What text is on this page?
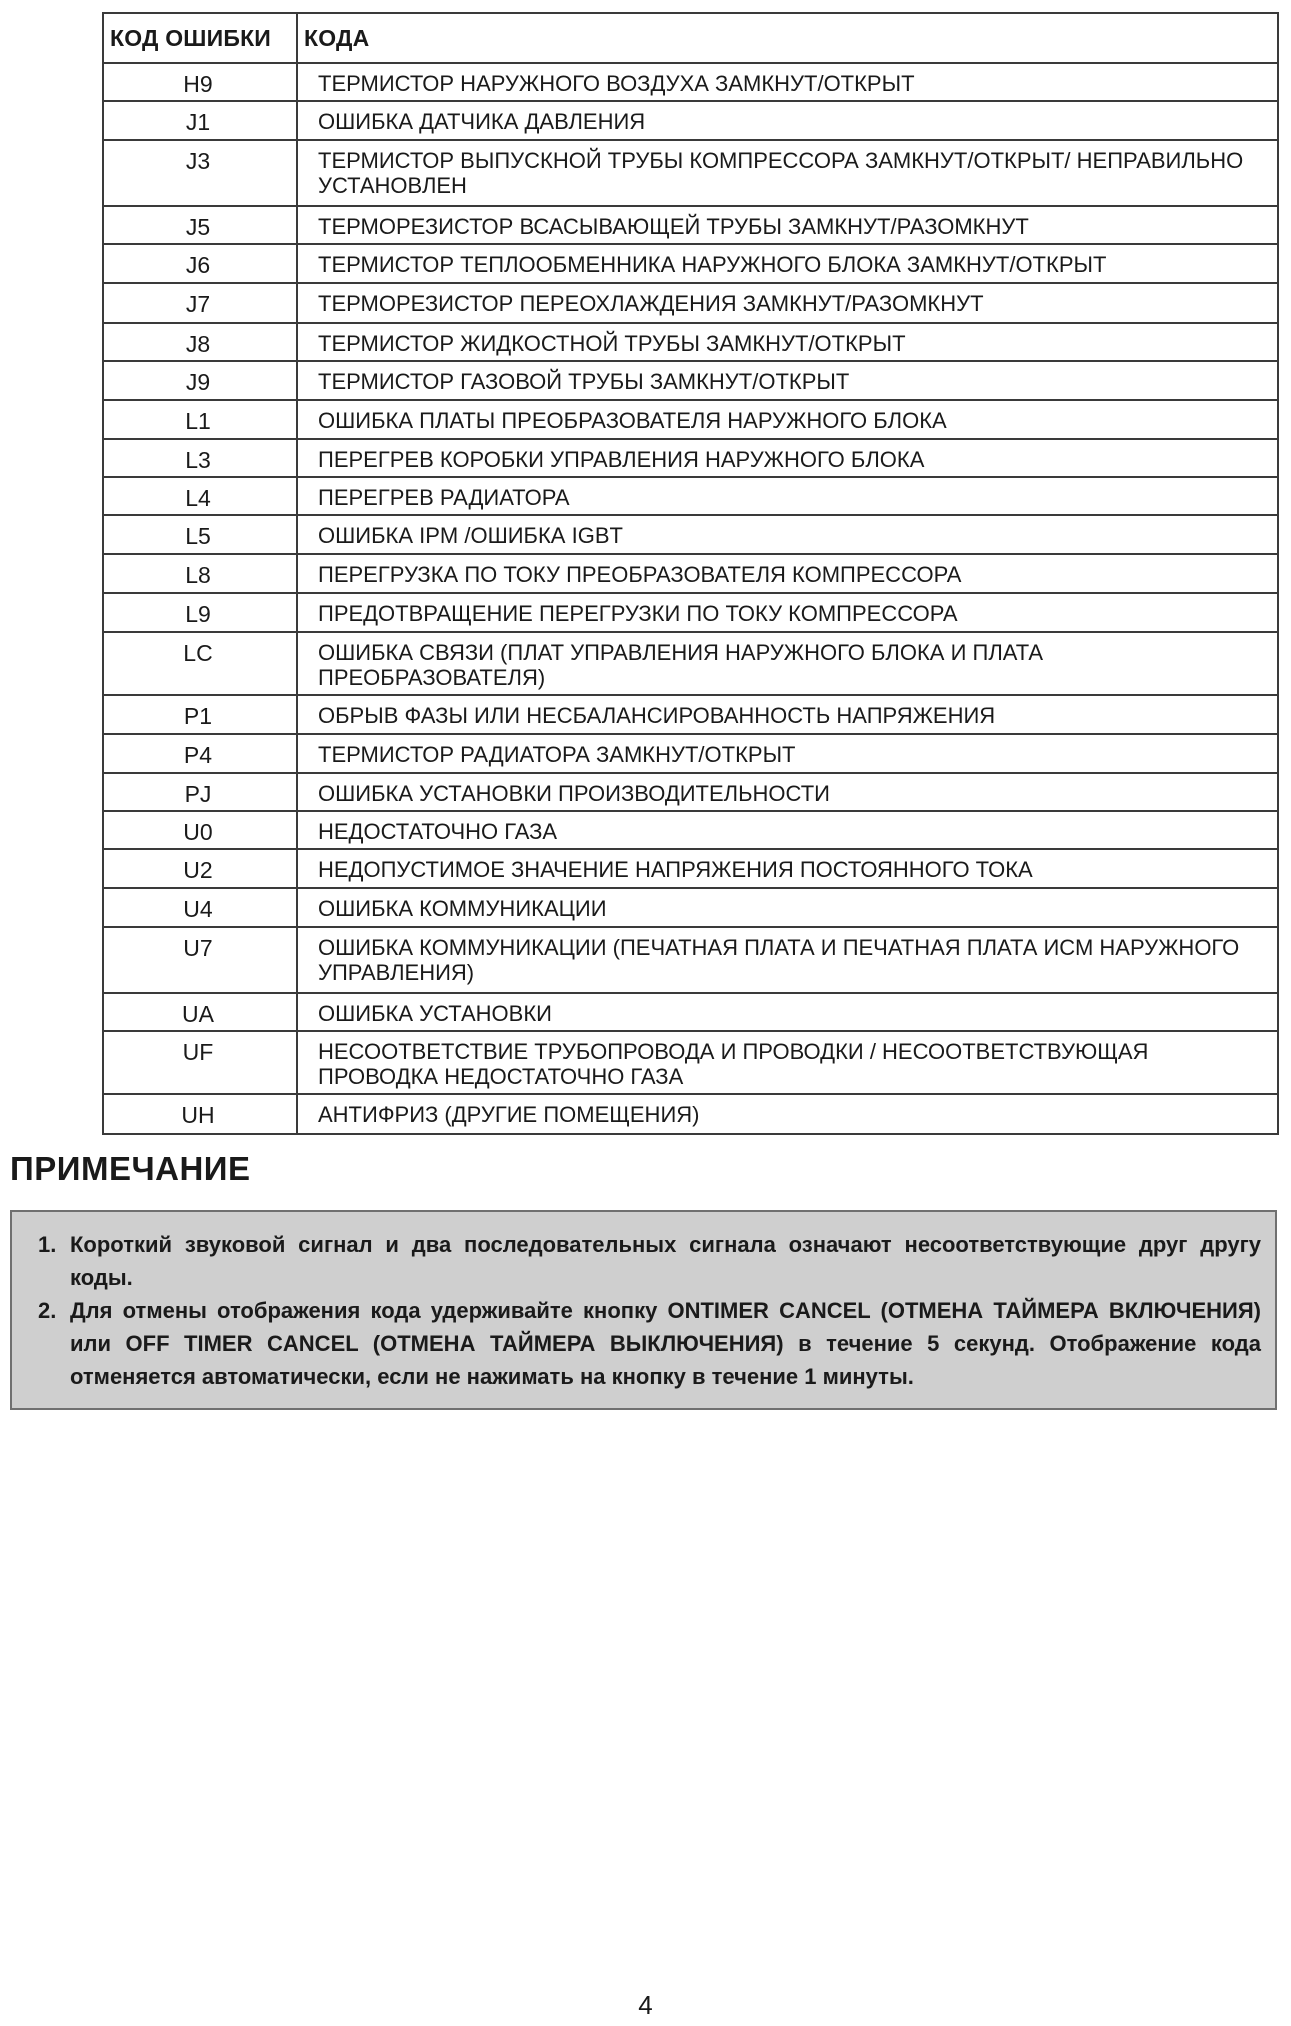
КОД ОШИБКИ	КОДА
H9	ТЕРМИСТОР НАРУЖНОГО ВОЗДУХА ЗАМКНУТ/ОТКРЫТ
J1	ОШИБКА ДАТЧИКА ДАВЛЕНИЯ
J3	ТЕРМИСТОР ВЫПУСКНОЙ ТРУБЫ КОМПРЕССОРА ЗАМКНУТ/ОТКРЫТ/ НЕПРАВИЛЬНО УСТАНОВЛЕН
J5	ТЕРМОРЕЗИСТОР ВСАСЫВАЮЩЕЙ ТРУБЫ ЗАМКНУТ/РАЗОМКНУТ
J6	ТЕРМИСТОР ТЕПЛООБМЕННИКА НАРУЖНОГО БЛОКА ЗАМКНУТ/ОТКРЫТ
J7	ТЕРМОРЕЗИСТОР ПЕРЕОХЛАЖДЕНИЯ ЗАМКНУТ/РАЗОМКНУТ
J8	ТЕРМИСТОР ЖИДКОСТНОЙ ТРУБЫ ЗАМКНУТ/ОТКРЫТ
J9	ТЕРМИСТОР ГАЗОВОЙ ТРУБЫ ЗАМКНУТ/ОТКРЫТ
L1	ОШИБКА ПЛАТЫ ПРЕОБРАЗОВАТЕЛЯ НАРУЖНОГО БЛОКА
L3	ПЕРЕГРЕВ КОРОБКИ УПРАВЛЕНИЯ НАРУЖНОГО БЛОКА
L4	ПЕРЕГРЕВ РАДИАТОРА
L5	ОШИБКА IPM /ОШИБКА IGBT
L8	ПЕРЕГРУЗКА ПО ТОКУ ПРЕОБРАЗОВАТЕЛЯ КОМПРЕССОРА
L9	ПРЕДОТВРАЩЕНИЕ ПЕРЕГРУЗКИ ПО ТОКУ КОМПРЕССОРА
LC	ОШИБКА СВЯЗИ (ПЛАТ УПРАВЛЕНИЯ НАРУЖНОГО БЛОКА И ПЛАТА ПРЕОБРАЗОВАТЕЛЯ)
P1	ОБРЫВ ФАЗЫ ИЛИ НЕСБАЛАНСИРОВАННОСТЬ НАПРЯЖЕНИЯ
P4	ТЕРМИСТОР РАДИАТОРА ЗАМКНУТ/ОТКРЫТ
PJ	ОШИБКА УСТАНОВКИ ПРОИЗВОДИТЕЛЬНОСТИ
U0	НЕДОСТАТОЧНО ГАЗА
U2	НЕДОПУСТИМОЕ ЗНАЧЕНИЕ НАПРЯЖЕНИЯ ПОСТОЯННОГО ТОКА
U4	ОШИБКА КОММУНИКАЦИИ
U7	ОШИБКА КОММУНИКАЦИИ (ПЕЧАТНАЯ ПЛАТА И ПЕЧАТНАЯ ПЛАТА ИСМ НАРУЖНОГО УПРАВЛЕНИЯ)
UA	ОШИБКА УСТАНОВКИ
UF	НЕСООТВЕТСТВИЕ ТРУБОПРОВОДА И ПРОВОДКИ / НЕСООТВЕТСТВУЮЩАЯ ПРОВОДКА НЕДОСТАТОЧНО ГАЗА
UH	АНТИФРИЗ (ДРУГИЕ ПОМЕЩЕНИЯ)
ПРИМЕЧАНИЕ
1. Короткий звуковой сигнал и два последовательных сигнала означают несоответствующие друг другу коды.
2. Для отмены отображения кода удерживайте кнопку ONTIMER CANCEL (ОТМЕНА ТАЙМЕРА ВКЛЮЧЕНИЯ) или OFF TIMER CANCEL (ОТМЕНА ТАЙМЕРА ВЫКЛЮЧЕНИЯ) в течение 5 секунд. Отображение кода отменяется автоматически, если не нажимать на кнопку в течение 1 минуты.
4
